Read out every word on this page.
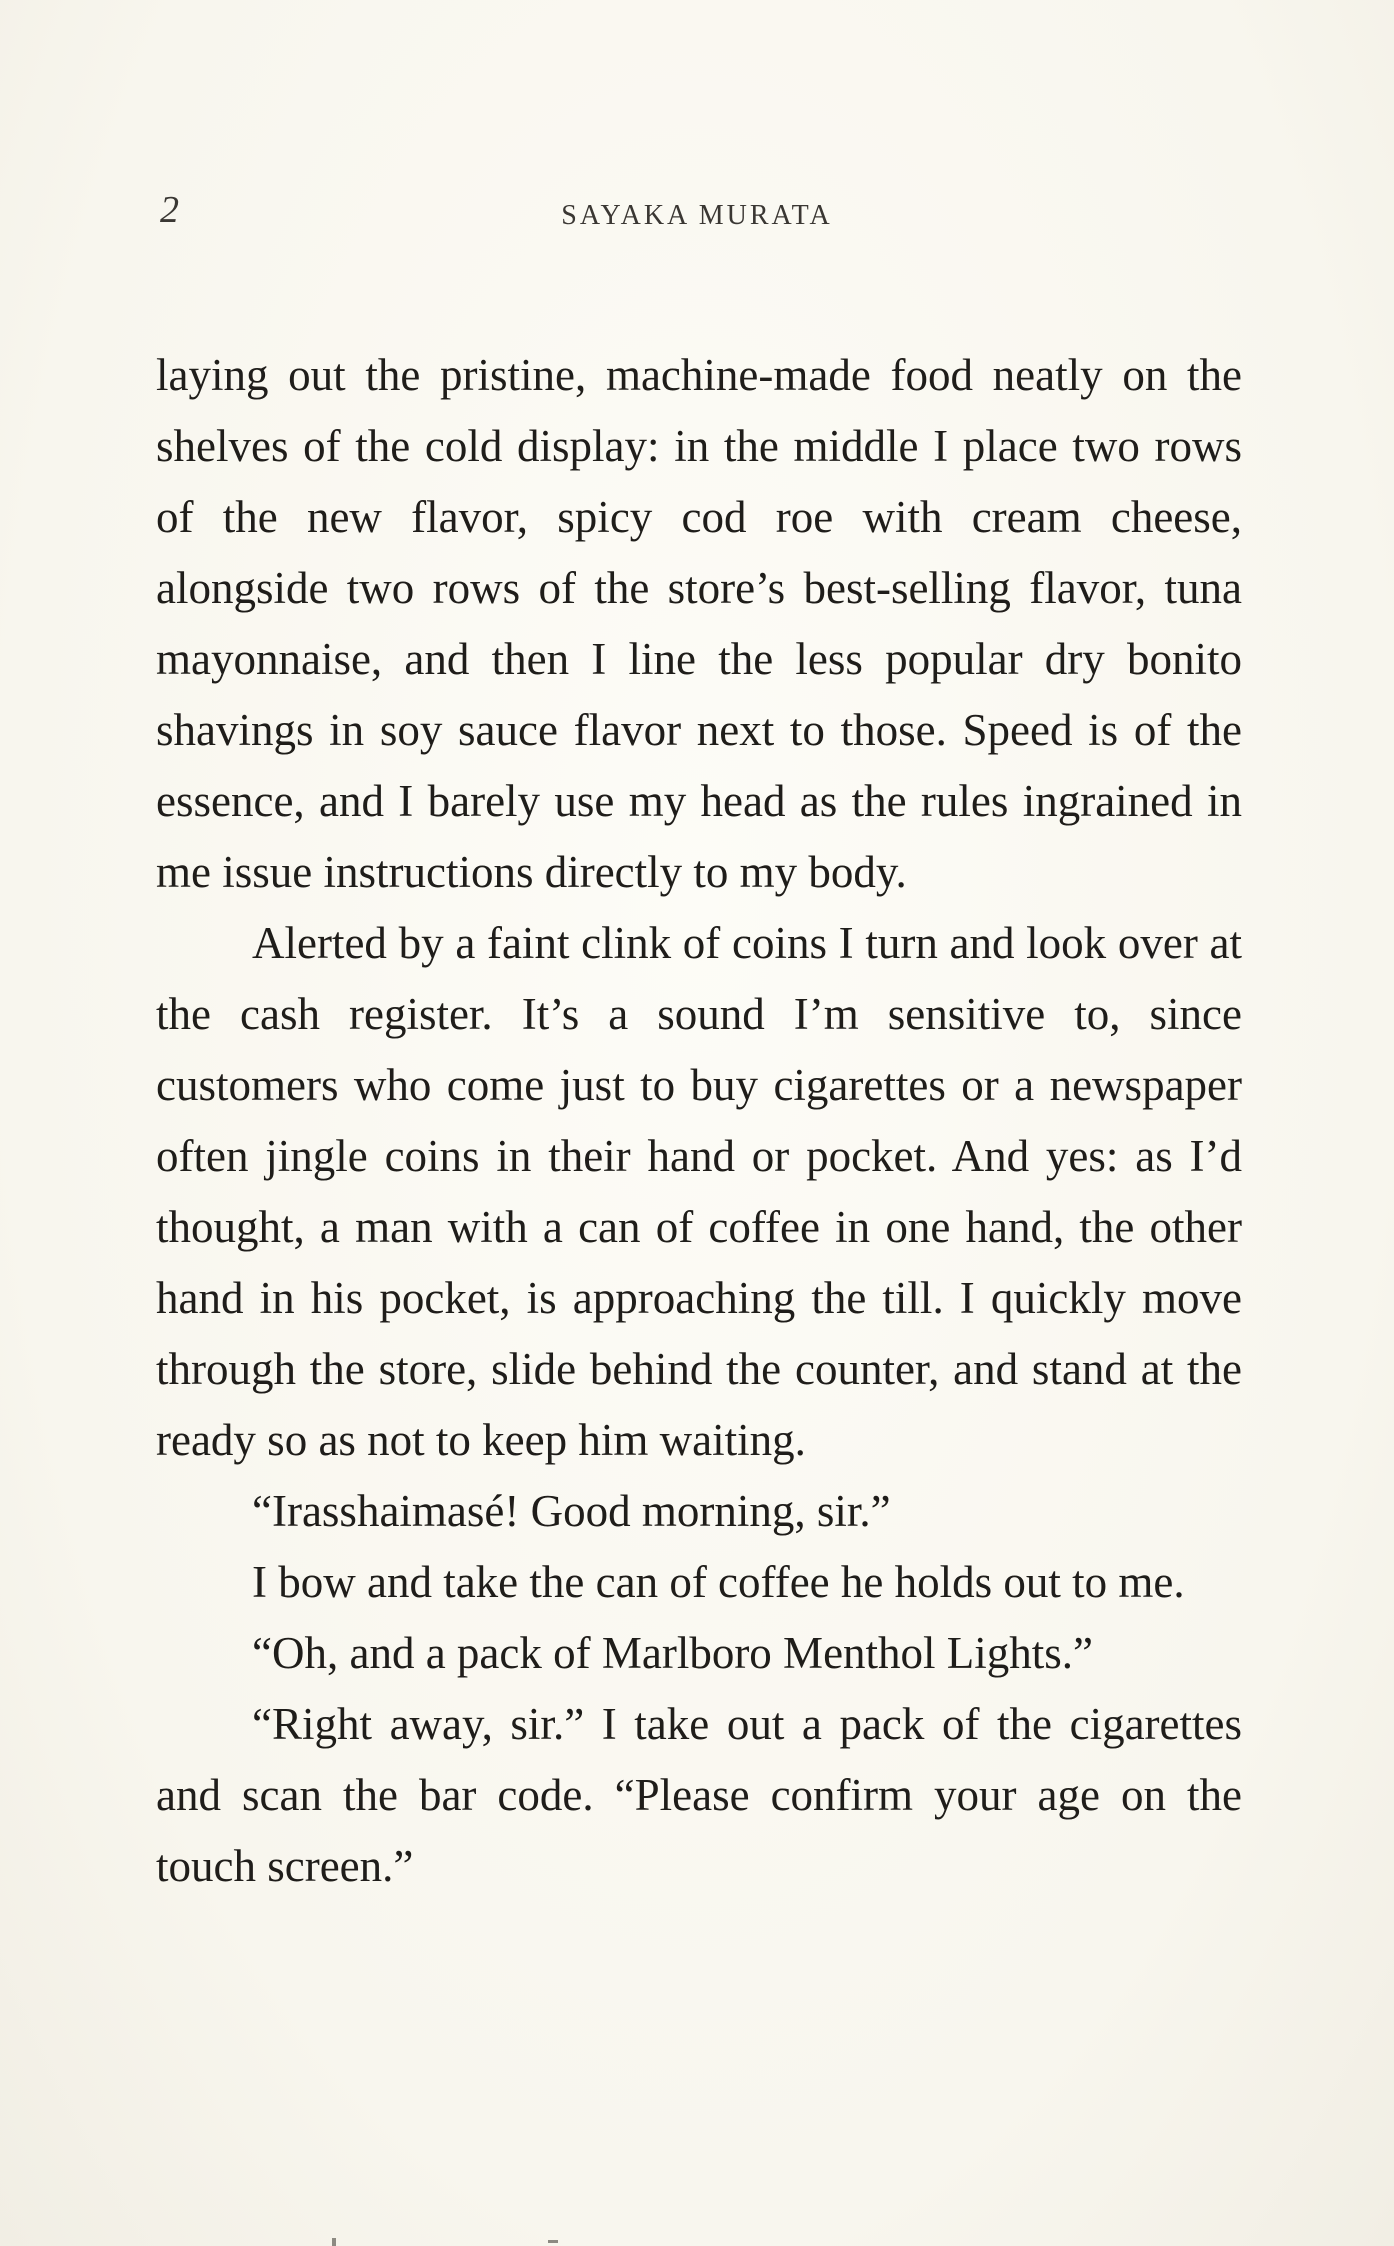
2	SAYAKA MURATA

laying out the pristine, machine-made food neatly on the shelves of the cold display: in the middle I place two rows of the new flavor, spicy cod roe with cream cheese, alongside two rows of the store’s best-selling flavor, tuna mayonnaise, and then I line the less popular dry bonito shavings in soy sauce flavor next to those. Speed is of the essence, and I barely use my head as the rules ingrained in me issue instructions directly to my body.

Alerted by a faint clink of coins I turn and look over at the cash register. It’s a sound I’m sensitive to, since customers who come just to buy cigarettes or a newspaper often jingle coins in their hand or pocket. And yes: as I’d thought, a man with a can of coffee in one hand, the other hand in his pocket, is approaching the till. I quickly move through the store, slide behind the counter, and stand at the ready so as not to keep him waiting.

“Irasshaimasé! Good morning, sir.”

I bow and take the can of coffee he holds out to me.

“Oh, and a pack of Marlboro Menthol Lights.”

“Right away, sir.” I take out a pack of the cigarettes and scan the bar code. “Please confirm your age on the touch screen.”
